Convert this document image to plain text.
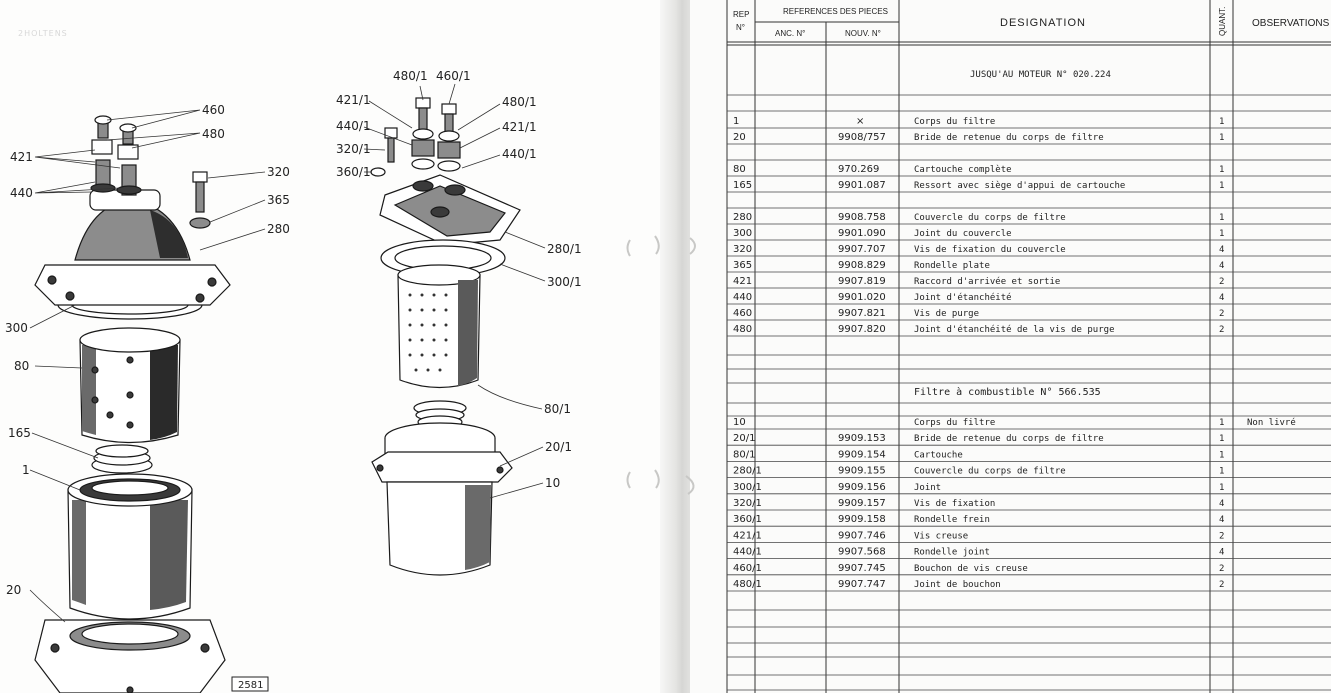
2HOLTENS
460
480
421
320
440	365
280
300
80
165
1
20
480/1 460/1
421/1	480/1
440/1	421/1
320/1	440/1
360/1
280/1
300/1
80/1
20/1
10
2581
REP
N°
REFERENCES DES PIECES
ANC. N°	NOUV. N°
DESIGNATION	QUANT.	OBSERVATIONS
JUSQU'AU MOTEUR N° 020.224
Filtre à combustible N° 566.535
1	×	Corps du filtre	1
20	9908/757	Bride de retenue du corps de filtre	1
80	970.269	Cartouche complète	1
165	9901.087	Ressort avec siège d'appui de cartouche	1
280	9908.758	Couvercle du corps de filtre	1
300	9901.090	Joint du couvercle	1
320	9907.707	Vis de fixation du couvercle	4
365	9908.829	Rondelle plate	4
421	9907.819	Raccord d'arrivée et sortie	2
440	9901.020	Joint d'étanchéité	4
460	9907.821	Vis de purge	2
480	9907.820	Joint d'étanchéité de la vis de purge	2
10	Corps du filtre	1	Non livré
20/1	9909.153	Bride de retenue du corps de filtre	1
80/1	9909.154	Cartouche	1
280/1	9909.155	Couvercle du corps de filtre	1
300/1	9909.156	Joint	1
320/1	9909.157	Vis de fixation	4
360/1	9909.158	Rondelle frein	4
421/1	9907.746	Vis creuse	2
440/1	9907.568	Rondelle joint	4
460/1	9907.745	Bouchon de vis creuse	2
480/1	9907.747	Joint de bouchon	2
